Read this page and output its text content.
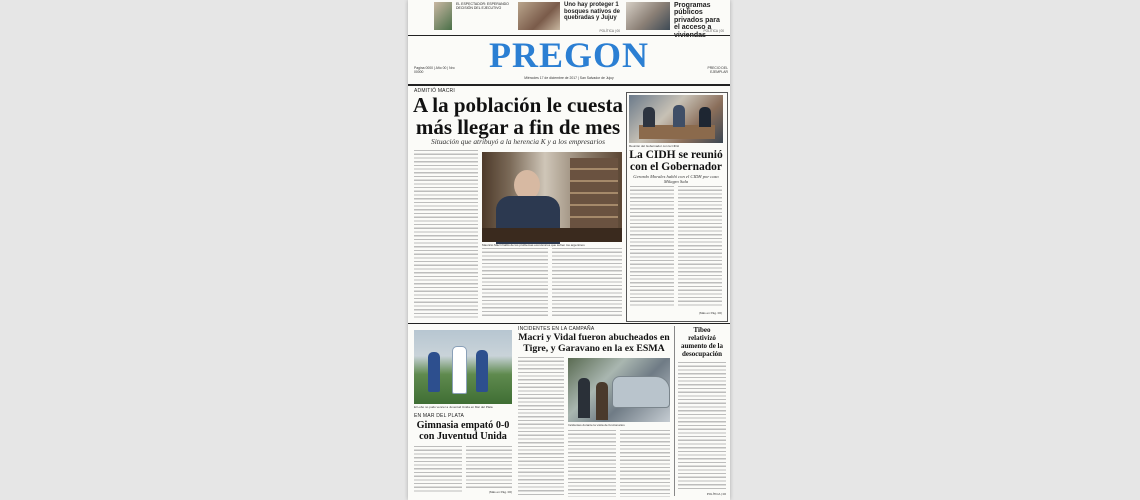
EL ESPECTADOR: ESPERANDO DECISIÓN DEL EJECUTIVO
Uno hay proteger 1 bosques nativos de quebradas y Jujuy
POLÍTICA | 00
Programas públicos privados para el acceso a
POLÍTICA | 00
Pagina 0000 | Año 00 | Nro 00000	PREGON	PRECIO DEL EJEMPLAR
Miércoles 17 de diciembre de 2017 | San Salvador de Jujuy
ADMITIÓ MACRI
A la población le cuesta
más llegar a fin de mes
Situación que atribuyó a la herencia K y a los empresarios
Mauricio Macri habló de los problemas económicos que sufren los argentinos
Reunión del Gobernador con la CIDH
La CIDH se reunió
con el Gobernador
Gerardo Morales habló con el CIDH por caso Milagro Sala
(Más en Pág. 00)
INCIDENTES EN LA CAMPAÑA
Macri y Vidal fueron abucheados en
Tigre, y Garavano en la ex ESMA
Incidentes durante la visita de funcionarios
El Lobo no pudo vencer a Juventud Unida en Mar del Plata
EN MAR DEL PLATA
Gimnasia empató 0-0
con Juventud Unida
(Más en Pág. 00)
Tibeo
relativizó
aumento de la
desocupación
POLÍTICA | 00
